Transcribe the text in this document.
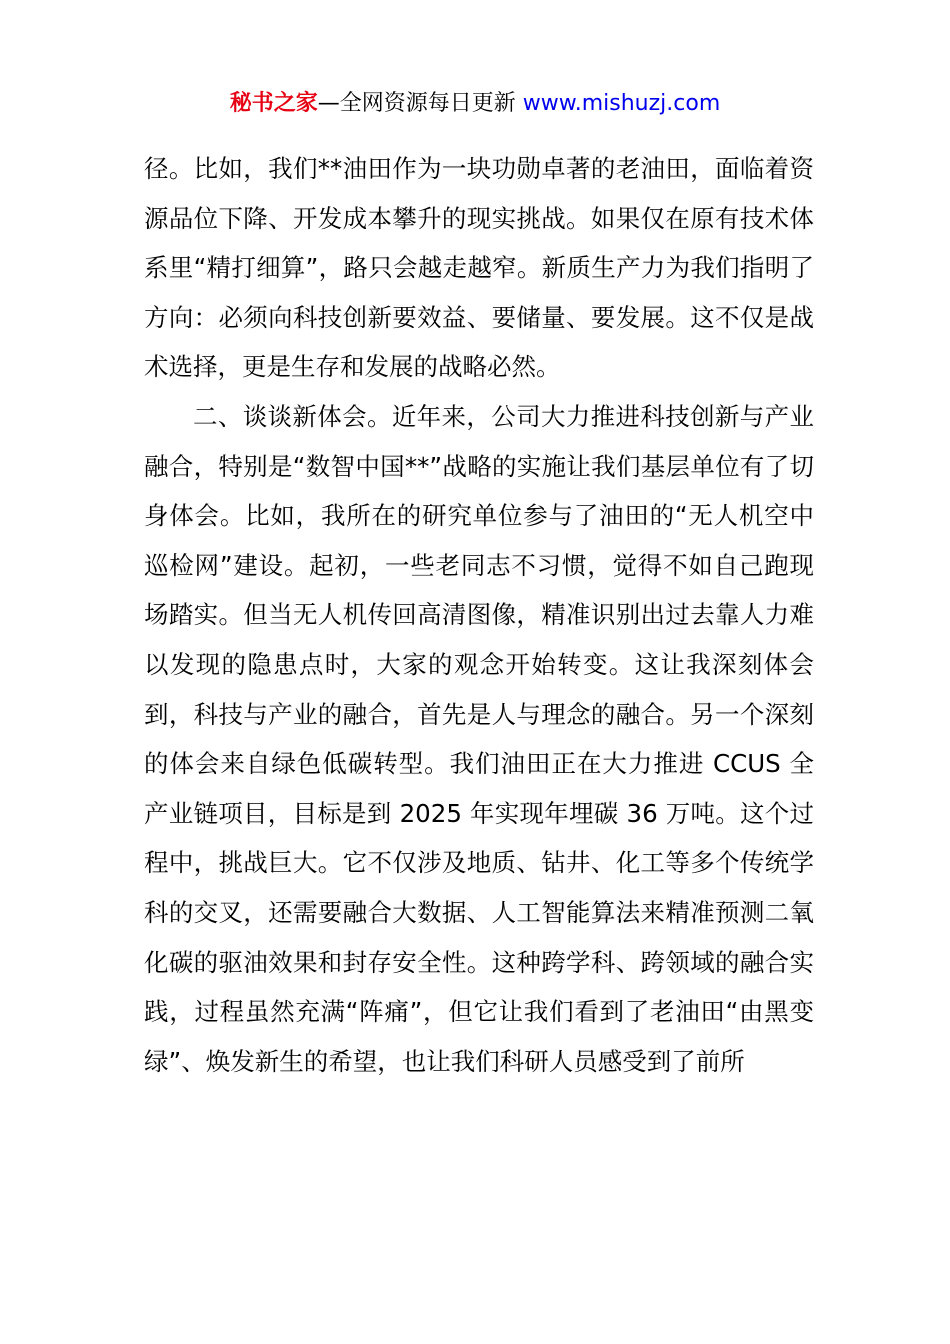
秘书之家—全网资源每日更新 www.mishuzj.com

径。比如，我们**油田作为一块功勋卓著的老油田，面临着资源品位下降、开发成本攀升的现实挑战。如果仅在原有技术体系里“精打细算”，路只会越走越窄。新质生产力为我们指明了方向：必须向科技创新要效益、要储量、要发展。这不仅是战术选择，更是生存和发展的战略必然。

二、谈谈新体会。近年来，公司大力推进科技创新与产业融合，特别是“数智中国**”战略的实施让我们基层单位有了切身体会。比如，我所在的研究单位参与了油田的“无人机空中巡检网”建设。起初，一些老同志不习惯，觉得不如自己跑现场踏实。但当无人机传回高清图像，精准识别出过去靠人力难以发现的隐患点时，大家的观念开始转变。这让我深刻体会到，科技与产业的融合，首先是人与理念的融合。另一个深刻的体会来自绿色低碳转型。我们油田正在大力推进 CCUS 全产业链项目，目标是到 2025 年实现年埋碳 36 万吨。这个过程中，挑战巨大。它不仅涉及地质、钻井、化工等多个传统学科的交叉，还需要融合大数据、人工智能算法来精准预测二氧化碳的驱油效果和封存安全性。这种跨学科、跨领域的融合实践，过程虽然充满“阵痛”，但它让我们看到了老油田“由黑变绿”、焕发新生的希望，也让我们科研人员感受到了前所
